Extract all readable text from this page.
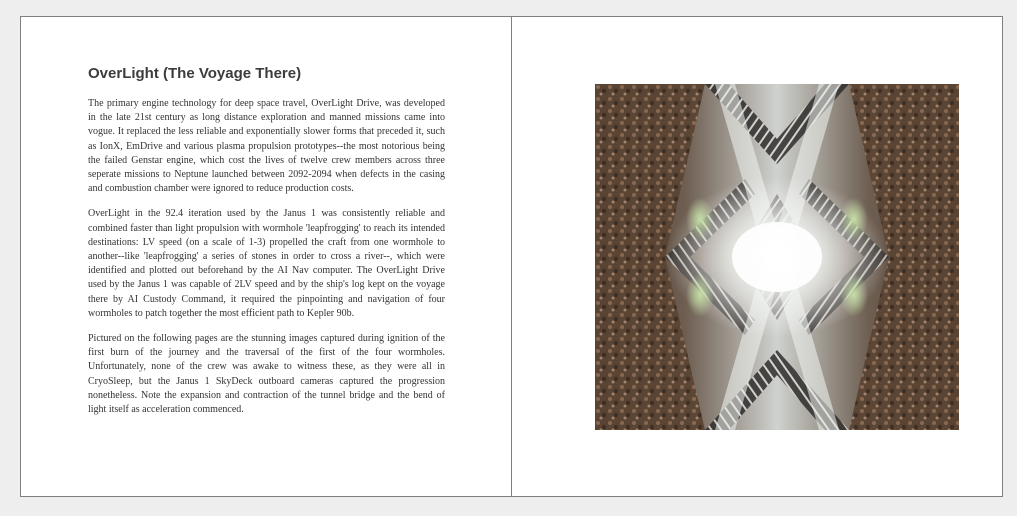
OverLight (The Voyage There)

The primary engine technology for deep space travel, OverLight Drive, was developed in the late 21st century as long distance exploration and manned missions came into vogue. It replaced the less reliable and exponentially slower forms that preceded it, such as IonX, EmDrive and various plasma propulsion prototypes--the most notorious being the failed Genstar engine, which cost the lives of twelve crew members across three seperate missions to Neptune launched between 2092-2094 when defects in the casing and combustion chamber were ignored to reduce production costs.

OverLight in the 92.4 iteration used by the Janus 1 was consistently reliable and combined faster than light propulsion with wormhole 'leapfrogging' to reach its intended destinations: LV speed (on a scale of 1-3) propelled the craft from one wormhole to another--like 'leapfrogging' a series of stones in order to cross a river--, which were identified and plotted out beforehand by the AI Nav computer. The OverLight Drive used by the Janus 1 was capable of 2LV speed and by the ship's log kept on the voyage there by AI Custody Command, it required the pinpointing and navigation of four wormholes to patch together the most efficient path to Kepler 90b.

Pictured on the following pages are the stunning images captured during ignition of the first burn of the journey and the traversal of the first of the four wormholes. Unfortunately, none of the crew was awake to witness these, as they were all in CryoSleep, but the Janus 1 SkyDeck outboard cameras captured the progression nonetheless. Note the expansion and contraction of the tunnel bridge and the bend of light itself as acceleration commenced.
